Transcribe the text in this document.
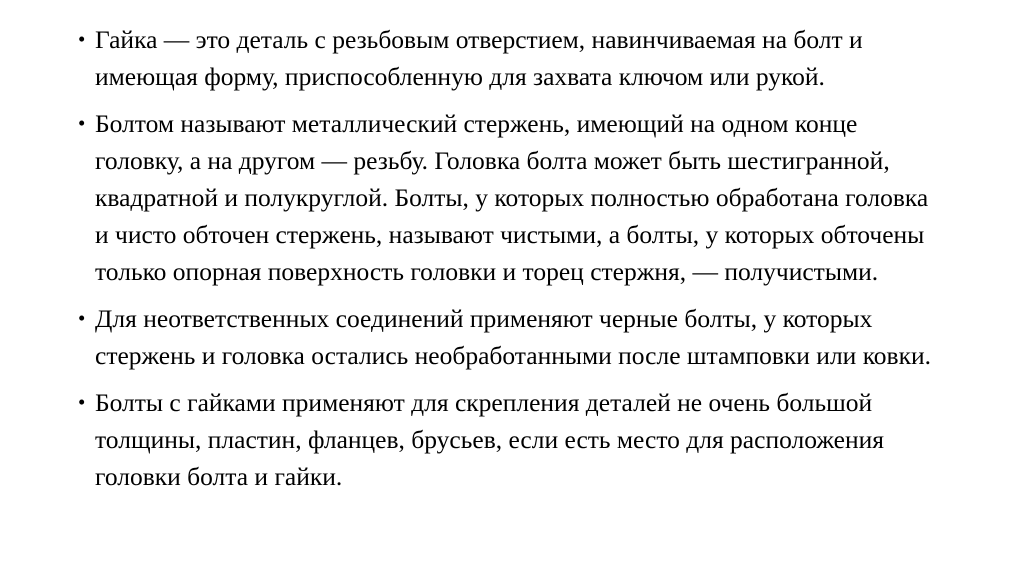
• Гайка — это деталь с резьбовым отверстием, навинчиваемая на болт и имеющая форму, приспособленную для захвата ключом или рукой.
• Болтом называют металлический стержень, имеющий на одном конце головку, а на другом — резьбу. Головка болта может быть шестигранной, квадратной и полукруглой. Болты, у которых полностью обработана головка и чисто обточен стержень, называют чистыми, а болты, у которых обточены только опорная поверхность головки и торец стержня, — получистыми.
• Для неответственных соединений применяют черные болты, у которых стержень и головка остались необработанными после штамповки или ковки.
• Болты с гайками применяют для скрепления деталей не очень большой толщины, пластин, фланцев, брусьев, если есть место для расположения головки болта и гайки.
